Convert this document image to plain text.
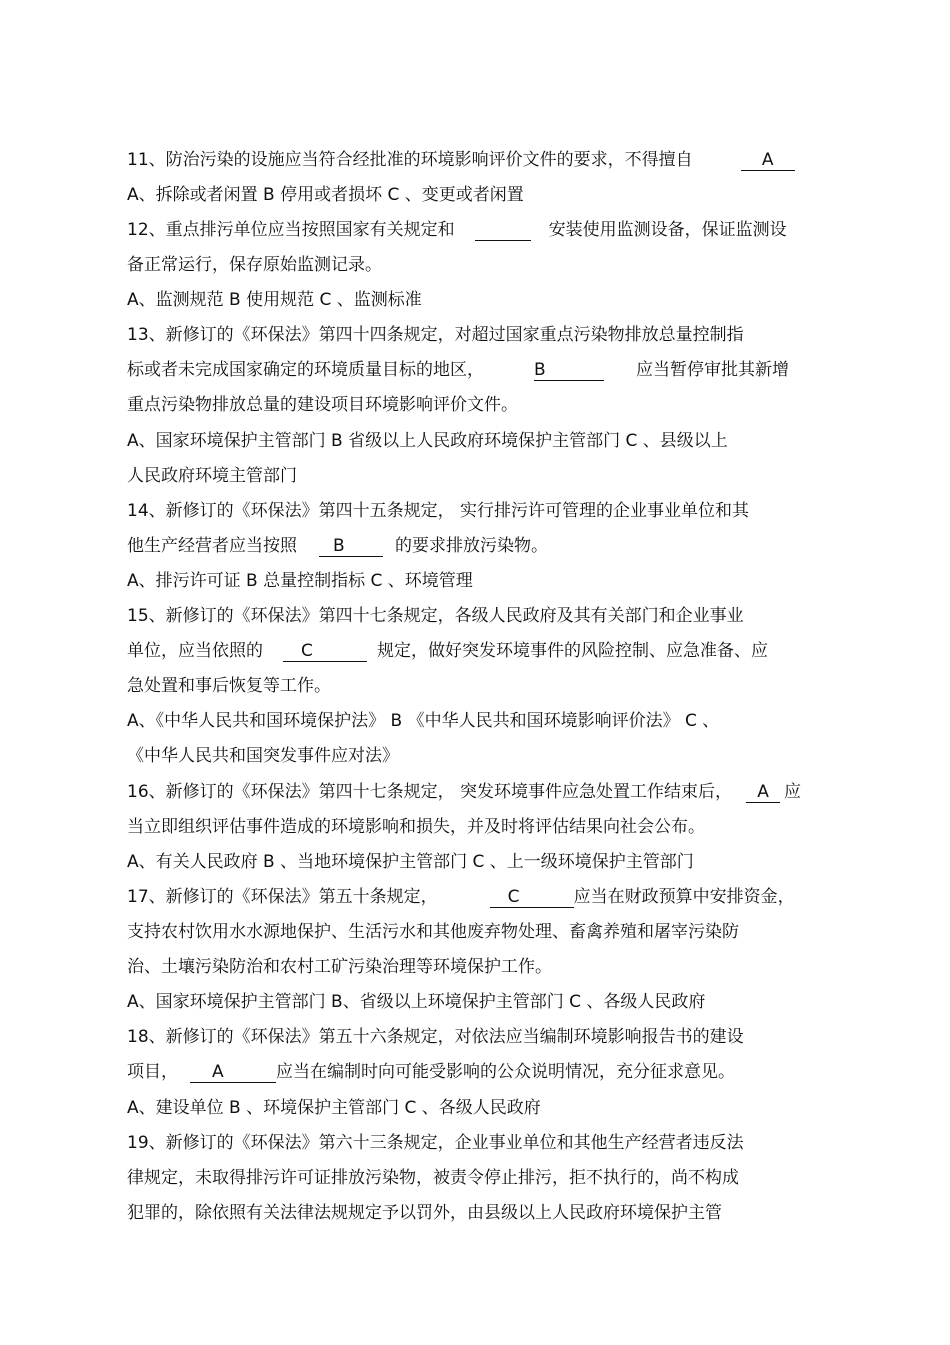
11、防治污染的设施应当符合经批准的环境影响评价文件的要求，不得擅自	A
A、拆除或者闲置 B 停用或者损坏 C 、变更或者闲置
12、重点排污单位应当按照国家有关规定和	安装使用监测设备，保证监测设
备正常运行，保存原始监测记录。
A、监测规范 B 使用规范 C 、监测标准
13、新修订的《环保法》第四十四条规定，对超过国家重点污染物排放总量控制指
标或者未完成国家确定的环境质量目标的地区，	B	应当暂停审批其新增
重点污染物排放总量的建设项目环境影响评价文件。
A、国家环境保护主管部门 B 省级以上人民政府环境保护主管部门 C 、县级以上
人民政府环境主管部门
14、新修订的《环保法》第四十五条规定， 实行排污许可管理的企业事业单位和其
他生产经营者应当按照 B	的要求排放污染物。
A、排污许可证 B 总量控制指标 C 、环境管理
15、新修订的《环保法》第四十七条规定，各级人民政府及其有关部门和企业事业
单位，应当依照的 C	规定，做好突发环境事件的风险控制、应急准备、应
急处置和事后恢复等工作。
A、《中华人民共和国环境保护法》 B 《中华人民共和国环境影响评价法》 C 、
《中华人民共和国突发事件应对法》
16、新修订的《环保法》第四十七条规定， 突发环境事件应急处置工作结束后， A 应
当立即组织评估事件造成的环境影响和损失，并及时将评估结果向社会公布。
A、有关人民政府 B 、当地环境保护主管部门 C 、上一级环境保护主管部门
17、新修订的《环保法》第五十条规定，	C	应当在财政预算中安排资金，
支持农村饮用水水源地保护、生活污水和其他废弃物处理、畜禽养殖和屠宰污染防
治、土壤污染防治和农村工矿污染治理等环境保护工作。
A、国家环境保护主管部门 B、省级以上环境保护主管部门 C 、各级人民政府
18、新修订的《环保法》第五十六条规定，对依法应当编制环境影响报告书的建设
项目， A	应当在编制时向可能受影响的公众说明情况，充分征求意见。
A、建设单位 B 、环境保护主管部门 C 、各级人民政府
19、新修订的《环保法》第六十三条规定，企业事业单位和其他生产经营者违反法
律规定，未取得排污许可证排放污染物，被责令停止排污，拒不执行的，尚不构成
犯罪的，除依照有关法律法规规定予以罚外，由县级以上人民政府环境保护主管
